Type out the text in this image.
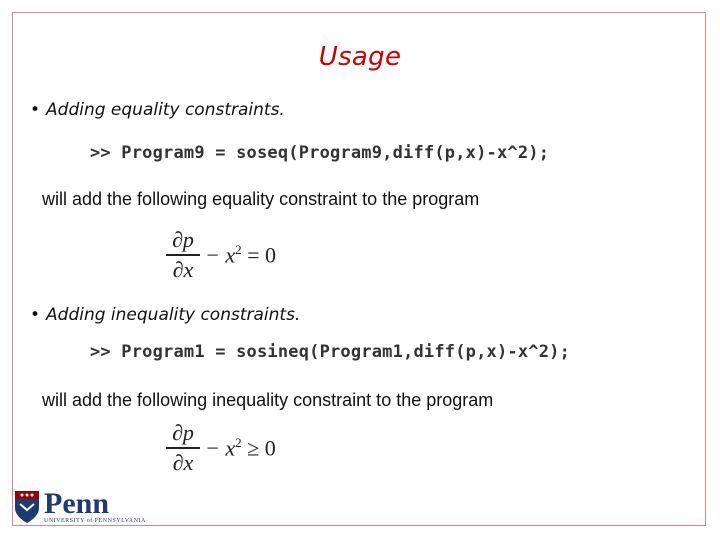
Usage
• Adding equality constraints.
>> Program9 = soseq(Program9,diff(p,x)-x^2);
will add the following equality constraint to the program
∂p
∂x
− $x^2 = 0$
• Adding inequality constraints.
>> Program1 = sosineq(Program1,diff(p,x)-x^2);
will add the following inequality constraint to the program
∂p
∂x
− $x^2 \ge 0$
Penn
UNIVERSITY of PENNSYLVANIA
